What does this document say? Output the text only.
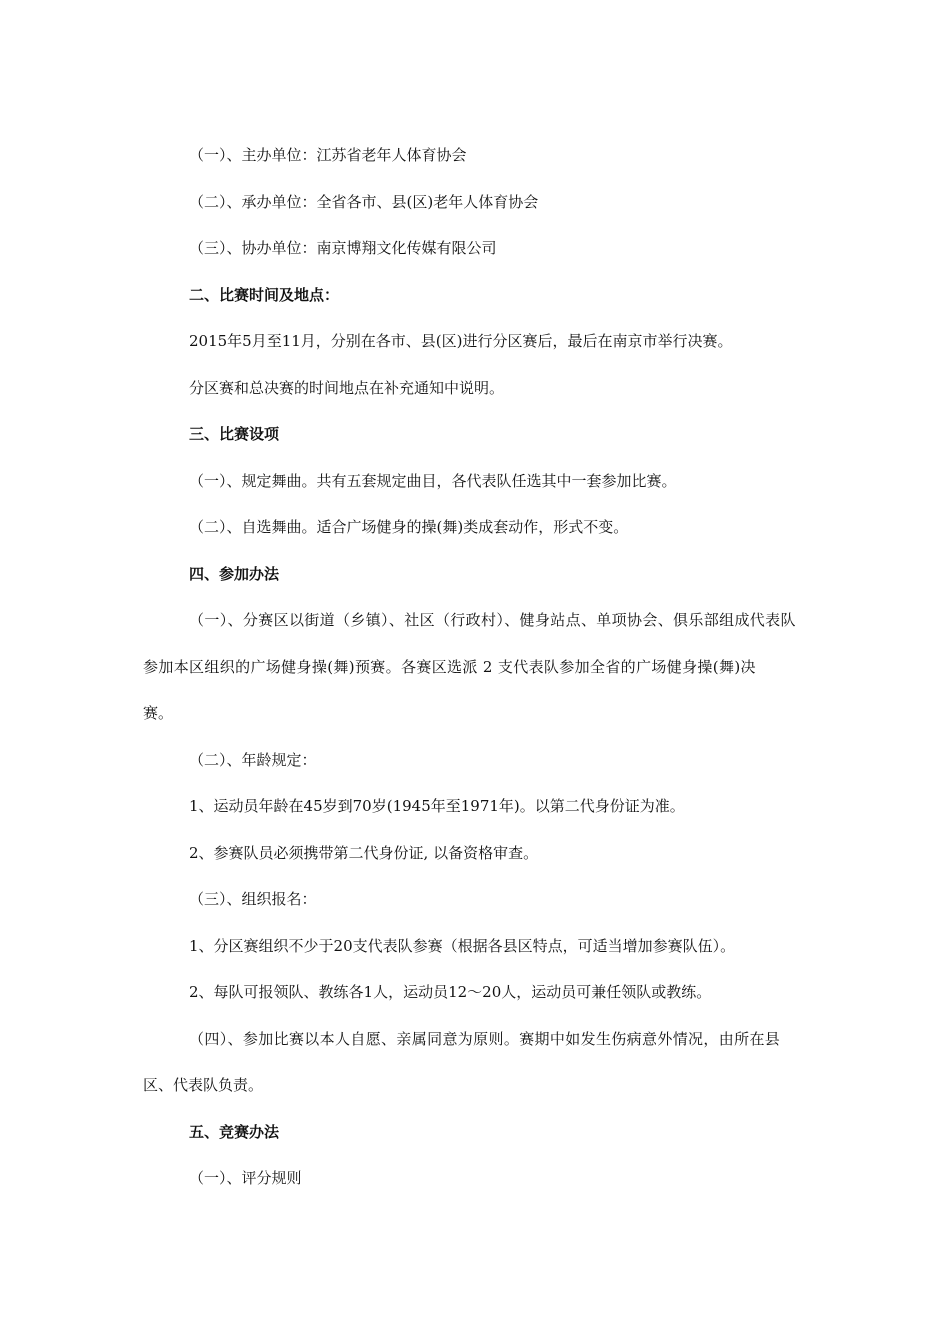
（一）、主办单位：江苏省老年人体育协会
（二）、承办单位：全省各市、县(区)老年人体育协会
（三）、协办单位：南京博翔文化传媒有限公司
二、比赛时间及地点：
2015年5月至11月，分别在各市、县(区)进行分区赛后，最后在南京市举行决赛。
分区赛和总决赛的时间地点在补充通知中说明。
三、比赛设项
（一）、规定舞曲。共有五套规定曲目，各代表队任选其中一套参加比赛。
（二）、自选舞曲。适合广场健身的操(舞)类成套动作，形式不变。
四、参加办法
（一）、分赛区以街道（乡镇）、社区（行政村）、健身站点、单项协会、俱乐部组成代表队
参加本区组织的广场健身操(舞)预赛。各赛区选派 2 支代表队参加全省的广场健身操(舞)决
赛。
（二）、年龄规定：
1、运动员年龄在45岁到70岁(1945年至1971年)。以第二代身份证为准。
2、参赛队员必须携带第二代身份证, 以备资格审查。
（三）、组织报名：
1、分区赛组织不少于20支代表队参赛（根据各县区特点，可适当增加参赛队伍）。
2、每队可报领队、教练各1人，运动员12～20人，运动员可兼任领队或教练。
（四）、参加比赛以本人自愿、亲属同意为原则。赛期中如发生伤病意外情况，由所在县
区、代表队负责。
五、竞赛办法
（一）、评分规则
